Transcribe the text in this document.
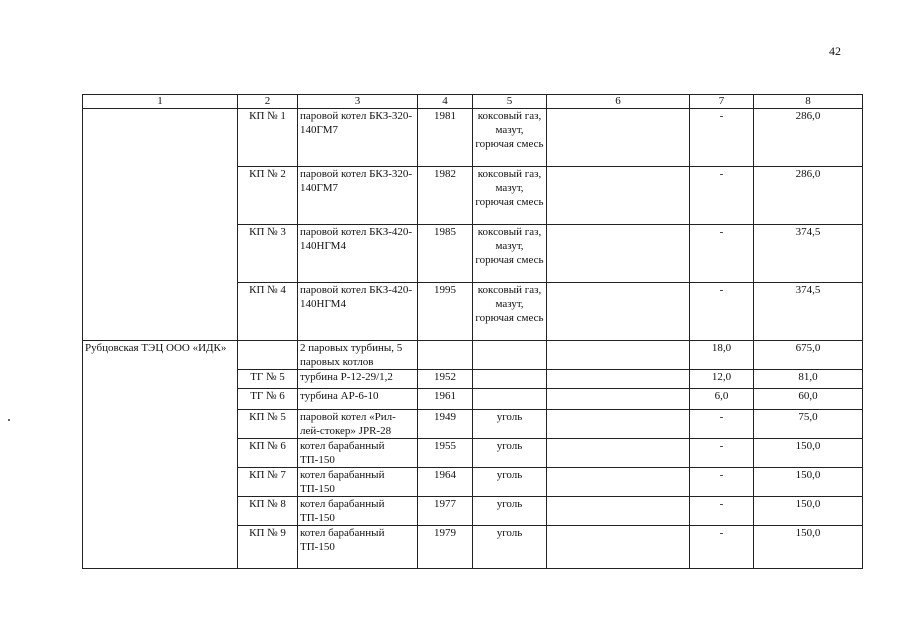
42
1	2	3	4	5	6	7	8
	КП № 1	паровой котел БКЗ-320-140ГМ7	1981	коксовый газ, мазут, горючая смесь		-	286,0
	КП № 2	паровой котел БКЗ-320-140ГМ7	1982	коксовый газ, мазут, горючая смесь		-	286,0
	КП № 3	паровой котел БКЗ-420-140НГМ4	1985	коксовый газ, мазут, горючая смесь		-	374,5
	КП № 4	паровой котел БКЗ-420-140НГМ4	1995	коксовый газ, мазут, горючая смесь		-	374,5
Рубцовская ТЭЦ ООО «ИДК»		2 паровых турбины, 5 паровых котлов				18,0	675,0
	ТГ № 5	турбина Р-12-29/1,2	1952			12,0	81,0
	ТГ № 6	турбина АР-6-10	1961			6,0	60,0
	КП № 5	паровой котел «Рил-лей-стокер» JPR-28	1949	уголь		-	75,0
	КП № 6	котел барабанный ТП-150	1955	уголь		-	150,0
	КП № 7	котел барабанный ТП-150	1964	уголь		-	150,0
	КП № 8	котел барабанный ТП-150	1977	уголь		-	150,0
	КП № 9	котел барабанный ТП-150	1979	уголь		-	150,0
